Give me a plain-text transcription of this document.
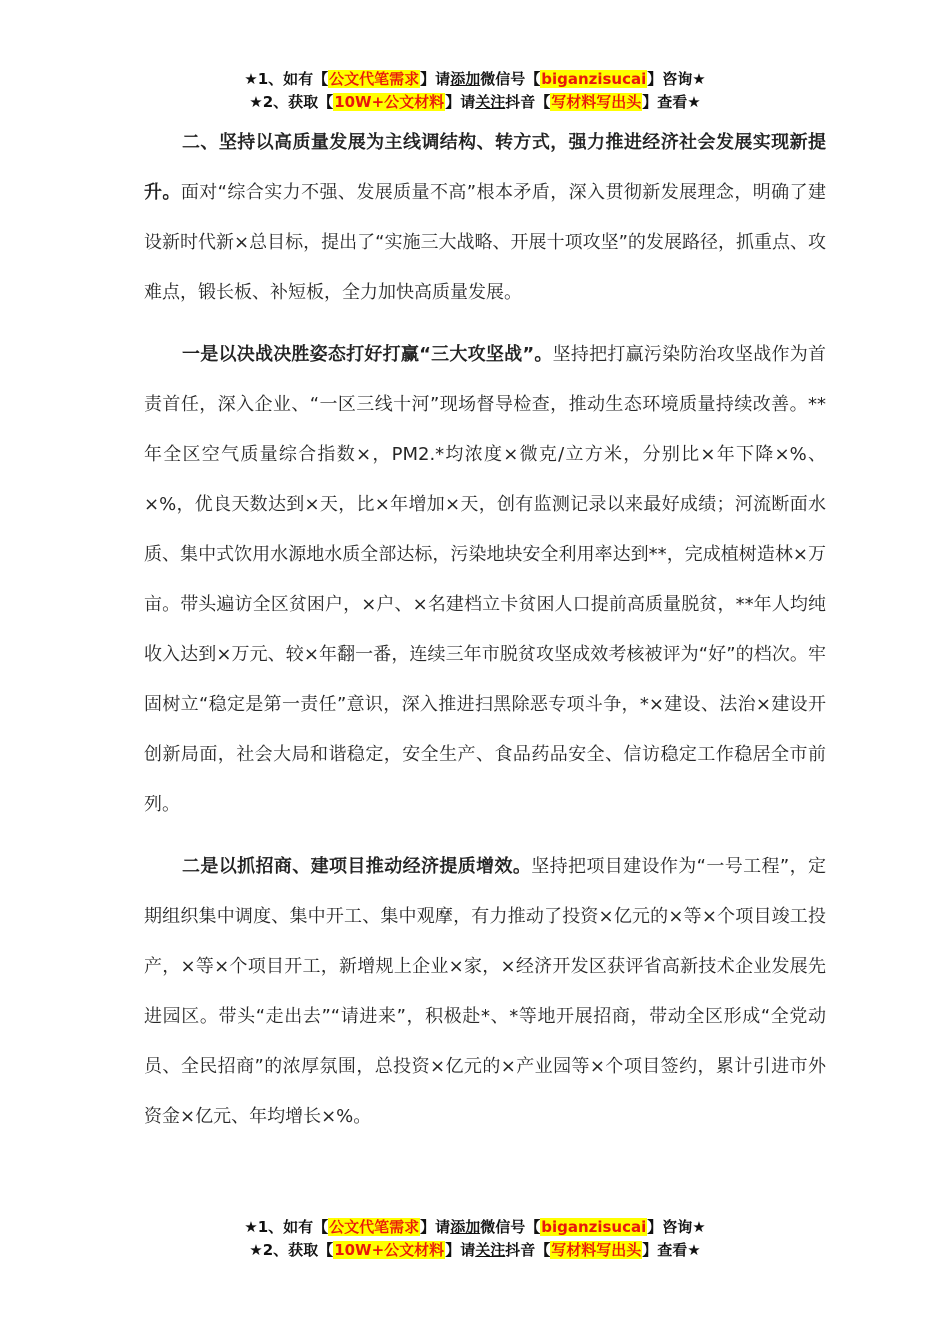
★1、如有【公文代笔需求】请添加微信号【biganzisucai】咨询★
★2、获取【10W+公文材料】请关注抖音【写材料写出头】查看★

二、坚持以高质量发展为主线调结构、转方式，强力推进经济社会发展实现新提升。面对“综合实力不强、发展质量不高”根本矛盾，深入贯彻新发展理念，明确了建设新时代新×总目标，提出了“实施三大战略、开展十项攻坚”的发展路径，抓重点、攻难点，锻长板、补短板，全力加快高质量发展。

一是以决战决胜姿态打好打赢“三大攻坚战”。坚持把打赢污染防治攻坚战作为首责首任，深入企业、“一区三线十河”现场督导检查，推动生态环境质量持续改善。**年全区空气质量综合指数×，PM2.*均浓度×微克/立方米，分别比×年下降×%、×%，优良天数达到×天，比×年增加×天，创有监测记录以来最好成绩；河流断面水质、集中式饮用水源地水质全部达标，污染地块安全利用率达到**，完成植树造林×万亩。带头遍访全区贫困户，×户、×名建档立卡贫困人口提前高质量脱贫，**年人均纯收入达到×万元、较×年翻一番，连续三年市脱贫攻坚成效考核被评为“好”的档次。牢固树立“稳定是第一责任”意识，深入推进扫黑除恶专项斗争，*×建设、法治×建设开创新局面，社会大局和谐稳定，安全生产、食品药品安全、信访稳定工作稳居全市前列。

二是以抓招商、建项目推动经济提质增效。坚持把项目建设作为“一号工程”，定期组织集中调度、集中开工、集中观摩，有力推动了投资×亿元的×等×个项目竣工投产，×等×个项目开工，新增规上企业×家，×经济开发区获评省高新技术企业发展先进园区。带头“走出去”“请进来”，积极赴*、*等地开展招商，带动全区形成“全党动员、全民招商”的浓厚氛围，总投资×亿元的×产业园等×个项目签约，累计引进市外资金×亿元、年均增长×%。

★1、如有【公文代笔需求】请添加微信号【biganzisucai】咨询★
★2、获取【10W+公文材料】请关注抖音【写材料写出头】查看★
